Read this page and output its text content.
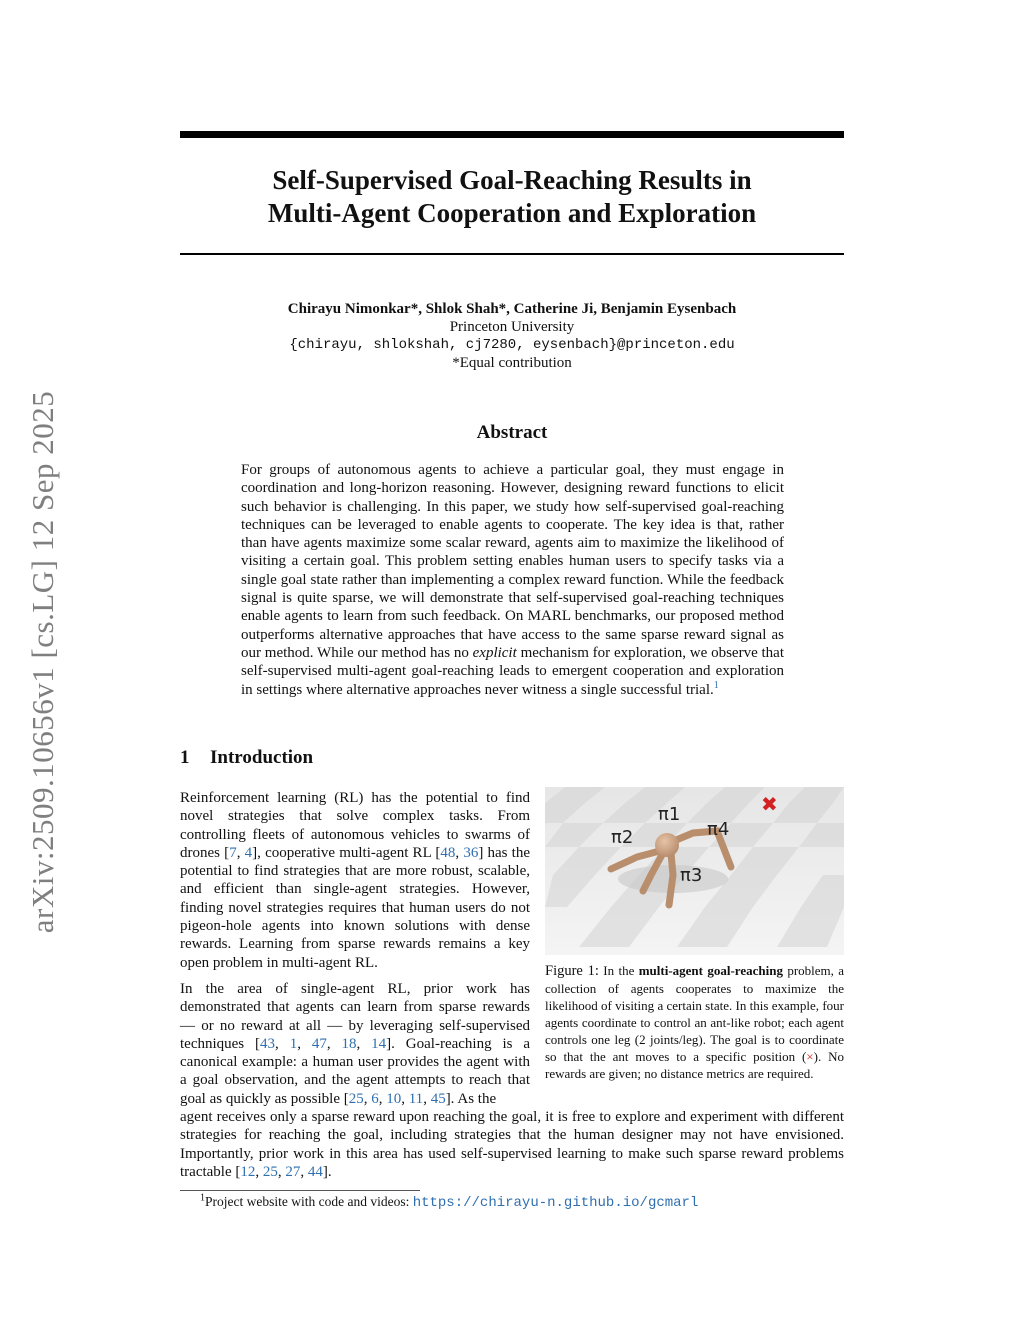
arXiv:2509.10656v1 [cs.LG] 12 Sep 2025
Self-Supervised Goal-Reaching Results in
Multi-Agent Cooperation and Exploration
Chirayu Nimonkar*, Shlok Shah*, Catherine Ji, Benjamin Eysenbach
Princeton University
{chirayu, shlokshah, cj7280, eysenbach}@princeton.edu
*Equal contribution
Abstract
For groups of autonomous agents to achieve a particular goal, they must engage in coordination and long-horizon reasoning. However, designing reward functions to elicit such behavior is challenging. In this paper, we study how self-supervised goal-reaching techniques can be leveraged to enable agents to cooperate. The key idea is that, rather than have agents maximize some scalar reward, agents aim to maximize the likelihood of visiting a certain goal. This problem setting enables human users to specify tasks via a single goal state rather than implementing a complex reward function. While the feedback signal is quite sparse, we will demonstrate that self-supervised goal-reaching techniques enable agents to learn from such feedback. On MARL benchmarks, our proposed method outperforms alternative approaches that have access to the same sparse reward signal as our method. While our method has no explicit mechanism for exploration, we observe that self-supervised multi-agent goal-reaching leads to emergent cooperation and exploration in settings where alternative approaches never witness a single successful trial.$^1$
1 Introduction
Reinforcement learning (RL) has the potential to find novel strategies that solve complex tasks. From controlling fleets of autonomous vehicles to swarms of drones [7, 4], cooperative multi-agent RL [48, 36] has the potential to find strategies that are more robust, scalable, and efficient than single-agent strategies. However, finding novel strategies requires that human users do not pigeon-hole agents into known solutions with dense rewards. Learning from sparse rewards remains a key open problem in multi-agent RL.
In the area of single-agent RL, prior work has demonstrated that agents can learn from sparse rewards — or no reward at all — by leveraging self-supervised techniques [43, 1, 47, 18, 14]. Goal-reaching is a canonical example: a human user provides the agent with a goal observation, and the agent attempts to reach that goal as quickly as possible [25, 6, 10, 11, 45]. As the
agent receives only a sparse reward upon reaching the goal, it is free to explore and experiment with different strategies for reaching the goal, including strategies that the human designer may not have envisioned. Importantly, prior work in this area has used self-supervised learning to make such sparse reward problems tractable [12, 25, 27, 44].
π1
π2
π3
π4
✖
Figure 1: In the multi-agent goal-reaching problem, a collection of agents cooperates to maximize the likelihood of visiting a certain state. In this example, four agents coordinate to control an ant-like robot; each agent controls one leg (2 joints/leg). The goal is to coordinate so that the ant moves to a specific position (×). No rewards are given; no distance metrics are required.
$^1$Project website with code and videos: https://chirayu-n.github.io/gcmarl
